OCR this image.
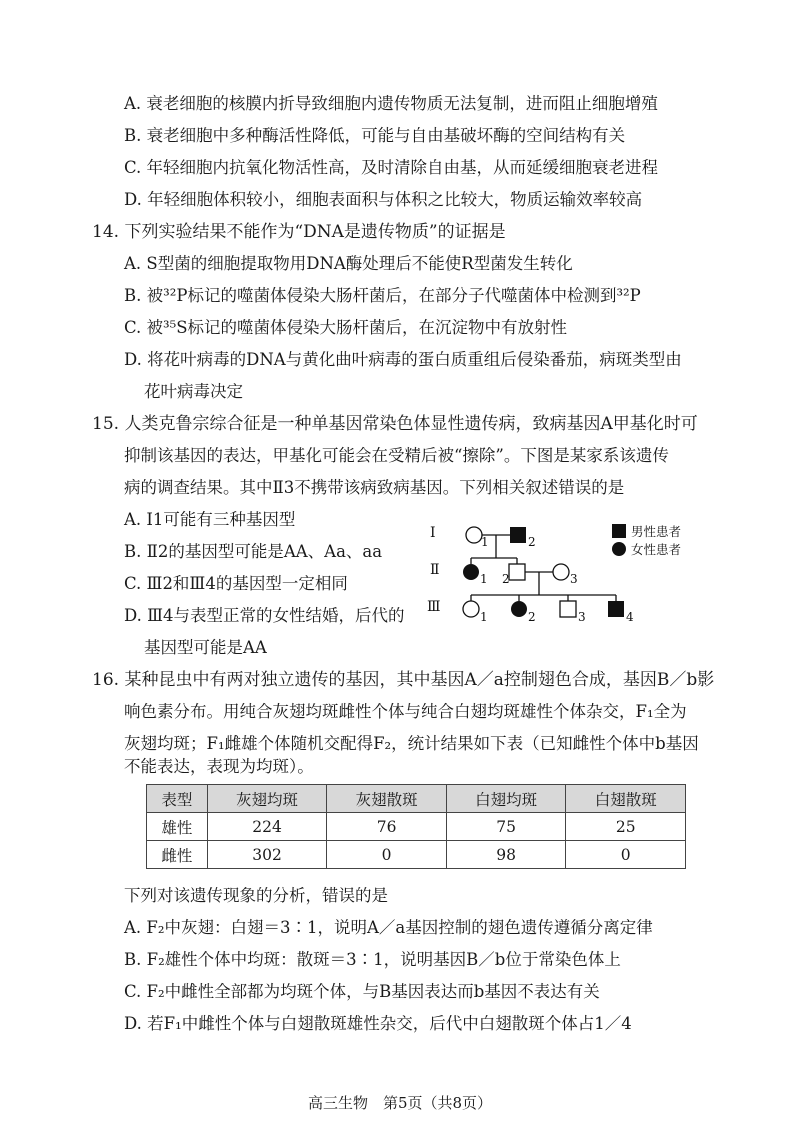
A. 衰老细胞的核膜内折导致细胞内遗传物质无法复制，进而阻止细胞增殖
B. 衰老细胞中多种酶活性降低，可能与自由基破坏酶的空间结构有关
C. 年轻细胞内抗氧化物活性高，及时清除自由基，从而延缓细胞衰老进程
D. 年轻细胞体积较小，细胞表面积与体积之比较大，物质运输效率较高
14. 下列实验结果不能作为“DNA是遗传物质”的证据是
A. S型菌的细胞提取物用DNA酶处理后不能使R型菌发生转化
B. 被³²P标记的噬菌体侵染大肠杆菌后，在部分子代噬菌体中检测到³²P
C. 被³⁵S标记的噬菌体侵染大肠杆菌后，在沉淀物中有放射性
D. 将花叶病毒的DNA与黄化曲叶病毒的蛋白质重组后侵染番茄，病斑类型由
花叶病毒决定
15. 人类克鲁宗综合征是一种单基因常染色体显性遗传病，致病基因A甲基化时可
抑制该基因的表达，甲基化可能会在受精后被“擦除”。下图是某家系该遗传
病的调查结果。其中Ⅱ3不携带该病致病基因。下列相关叙述错误的是
A. Ⅰ1可能有三种基因型
B. Ⅱ2的基因型可能是AA、Aa、aa
C. Ⅲ2和Ⅲ4的基因型一定相同
D. Ⅲ4与表型正常的女性结婚，后代的
基因型可能是AA
Ⅰ
Ⅱ
Ⅲ
1	2
1 2	3
1	2	3	4
男性患者
女性患者
16. 某种昆虫中有两对独立遗传的基因，其中基因A／a控制翅色合成，基因B／b影
响色素分布。用纯合灰翅均斑雌性个体与纯合白翅均斑雄性个体杂交，F₁全为
灰翅均斑；F₁雌雄个体随机交配得F₂，统计结果如下表（已知雌性个体中b基因
不能表达，表现为均斑）。
表型	灰翅均斑	灰翅散斑	白翅均斑	白翅散斑
雄性	224	76	75	25
雌性	302	0	98	0
下列对该遗传现象的分析，错误的是
A. F₂中灰翅：白翅＝3∶1，说明A／a基因控制的翅色遗传遵循分离定律
B. F₂雄性个体中均斑：散斑＝3∶1，说明基因B／b位于常染色体上
C. F₂中雌性全部都为均斑个体，与B基因表达而b基因不表达有关
D. 若F₁中雌性个体与白翅散斑雄性杂交，后代中白翅散斑个体占1／4
高三生物　第5页（共8页）
